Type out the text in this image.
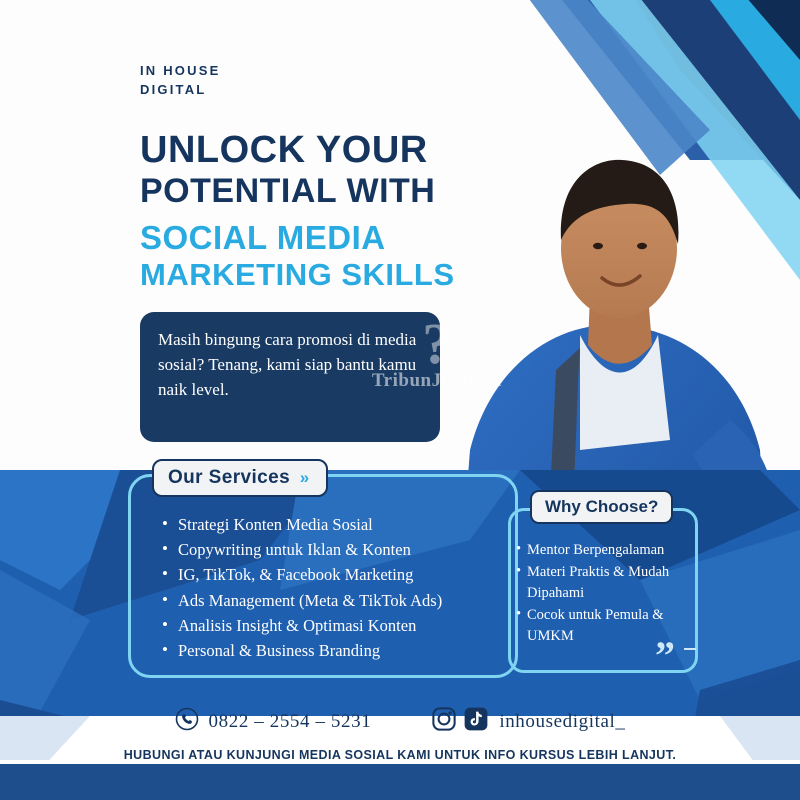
IN HOUSE
DIGITAL
UNLOCK YOUR
POTENTIAL WITH
SOCIAL MEDIA
MARKETING SKILLS
Masih bingung cara promosi di media sosial? Tenang, kami siap bantu kamu naik level.
?
TribunJualBeli
Our Services »
• Strategi Konten Media Sosial
• Copywriting untuk Iklan & Konten
• IG, TikTok, & Facebook Marketing
• Ads Management (Meta & TikTok Ads)
• Analisis Insight & Optimasi Konten
• Personal & Business Branding
Why Choose?
• Mentor Berpengalaman
• Materi Praktis & Mudah Dipahami
• Cocok untuk Pemula & UMKM	”
0822 – 2554 – 5231	TikTok inhousedigital_
HUBUNGI ATAU KUNJUNGI MEDIA SOSIAL KAMI UNTUK INFO KURSUS LEBIH LANJUT.
